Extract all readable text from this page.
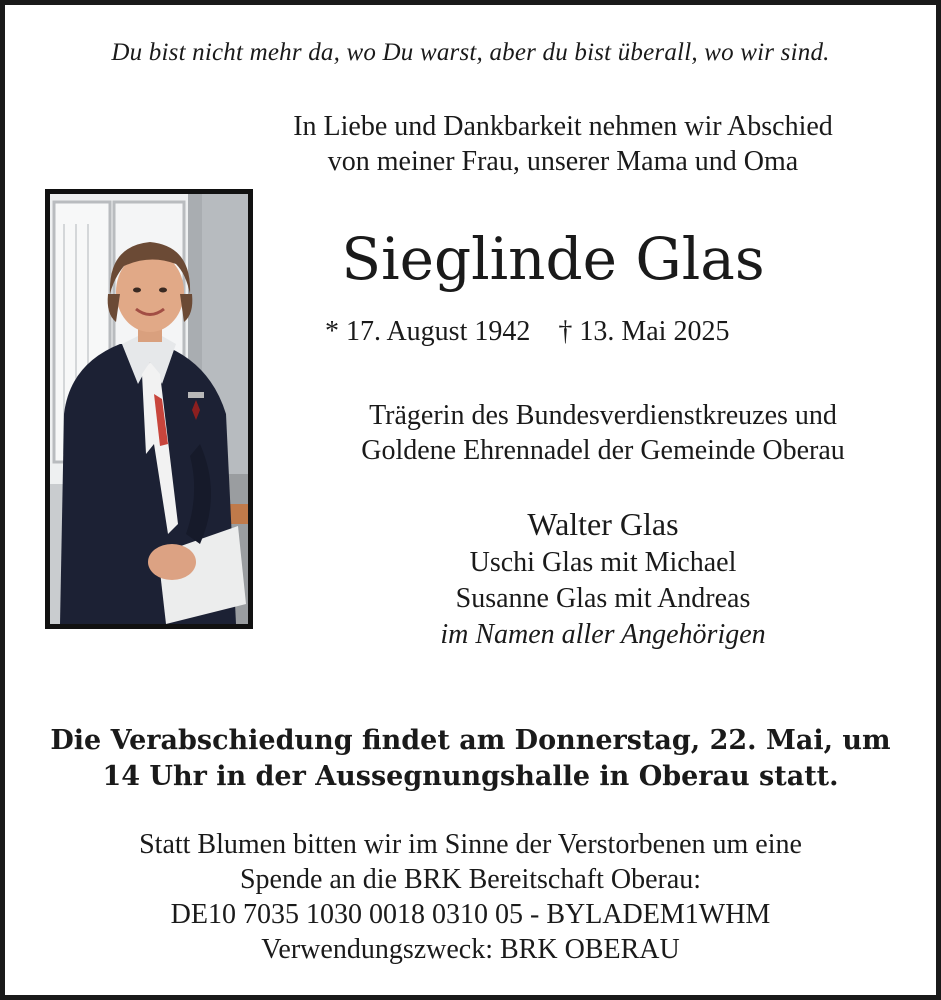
Du bist nicht mehr da, wo Du warst, aber du bist überall, wo wir sind.
In Liebe und Dankbarkeit nehmen wir Abschied
von meiner Frau, unserer Mama und Oma
Sieglinde Glas
* 17. August 1942 † 13. Mai 2025
Trägerin des Bundesverdienstkreuzes und
Goldene Ehrennadel der Gemeinde Oberau
Walter Glas
Uschi Glas mit Michael
Susanne Glas mit Andreas
im Namen aller Angehörigen
Die Verabschiedung findet am Donnerstag, 22. Mai, um
14 Uhr in der Aussegnungshalle in Oberau statt.
Statt Blumen bitten wir im Sinne der Verstorbenen um eine
Spende an die BRK Bereitschaft Oberau:
DE10 7035 1030 0018 0310 05 - BYLADEM1WHM
Verwendungszweck: BRK OBERAU
